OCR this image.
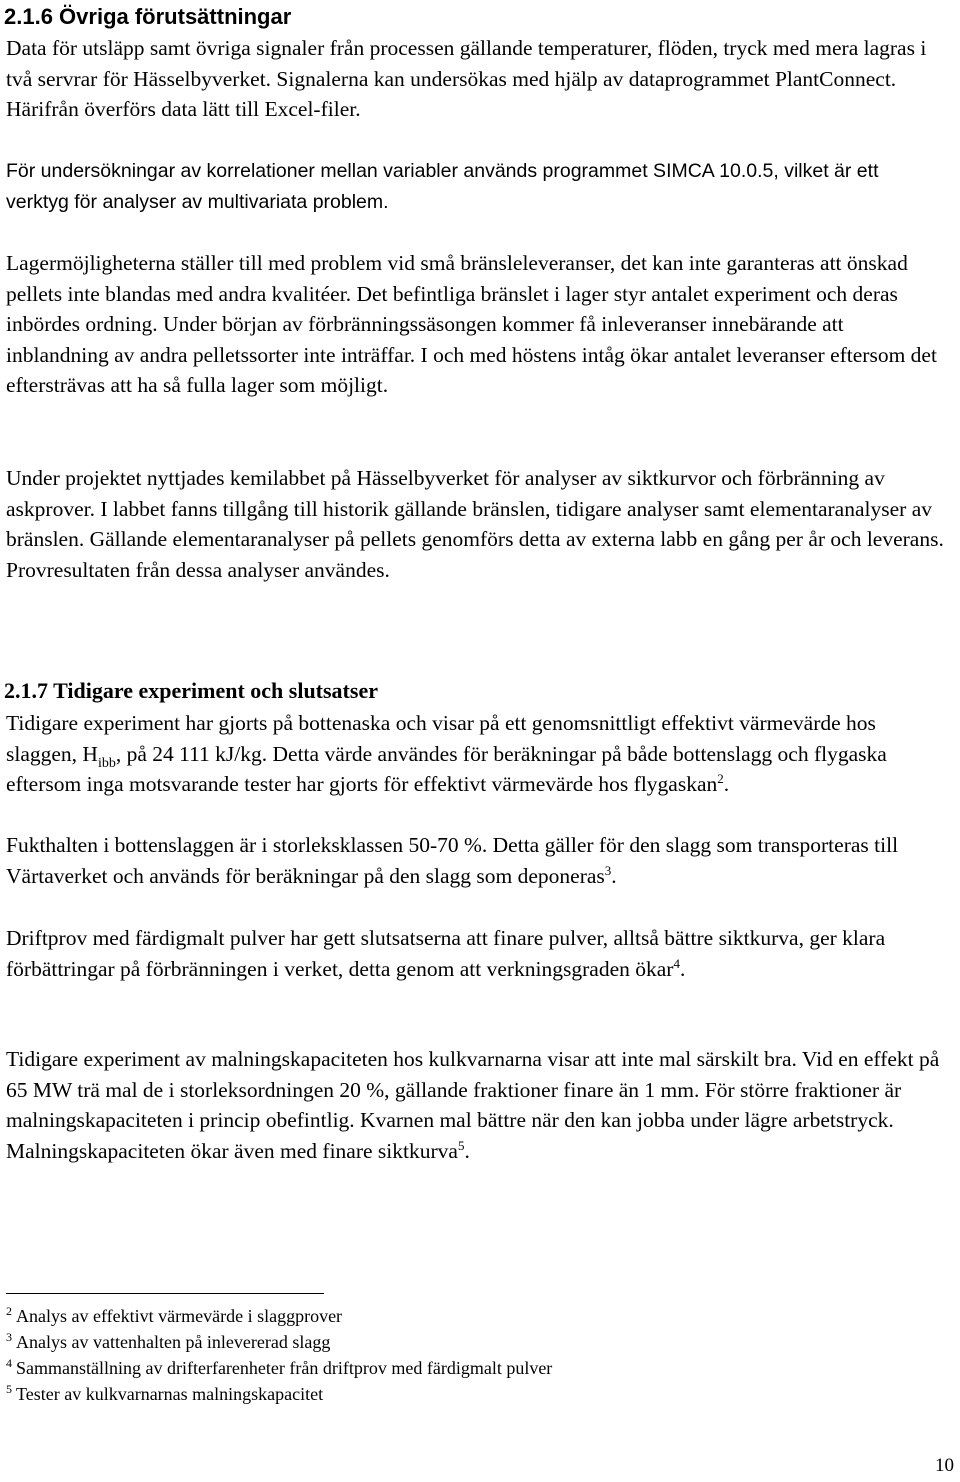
2.1.6 Övriga förutsättningar

Data för utsläpp samt övriga signaler från processen gällande temperaturer, flöden, tryck med mera lagras i två servrar för Hässelbyverket. Signalerna kan undersökas med hjälp av dataprogrammet PlantConnect. Härifrån överförs data lätt till Excel-filer.

För undersökningar av korrelationer mellan variabler används programmet SIMCA 10.0.5, vilket är ett verktyg för analyser av multivariata problem.

Lagermöjligheterna ställer till med problem vid små bränsleleveranser, det kan inte garanteras att önskad pellets inte blandas med andra kvalitéer. Det befintliga bränslet i lager styr antalet experiment och deras inbördes ordning. Under början av förbränningssäsongen kommer få inleveranser innebärande att inblandning av andra pelletssorter inte inträffar. I och med höstens intåg ökar antalet leveranser eftersom det eftersträvas att ha så fulla lager som möjligt.

Under projektet nyttjades kemilabbet på Hässelbyverket för analyser av siktkurvor och förbränning av askprover. I labbet fanns tillgång till historik gällande bränslen, tidigare analyser samt elementaranalyser av bränslen. Gällande elementaranalyser på pellets genomförs detta av externa labb en gång per år och leverans. Provresultaten från dessa analyser användes.

2.1.7 Tidigare experiment och slutsatser

Tidigare experiment har gjorts på bottenaska och visar på ett genomsnittligt effektivt värmevärde hos slaggen, $H_{ibb}$, på 24 111 kJ/kg. Detta värde användes för beräkningar på både bottenslagg och flygaska eftersom inga motsvarande tester har gjorts för effektivt värmevärde hos flygaskan$^2$.

Fukthalten i bottenslaggen är i storleksklassen 50-70 %. Detta gäller för den slagg som transporteras till Värtaverket och används för beräkningar på den slagg som deponeras$^3$.

Driftprov med färdigmalt pulver har gett slutsatserna att finare pulver, alltså bättre siktkurva, ger klara förbättringar på förbränningen i verket, detta genom att verkningsgraden ökar$^4$.

Tidigare experiment av malningskapaciteten hos kulkvarnarna visar att inte mal särskilt bra. Vid en effekt på 65 MW trä mal de i storleksordningen 20 %, gällande fraktioner finare än 1 mm. För större fraktioner är malningskapaciteten i princip obefintlig. Kvarnen mal bättre när den kan jobba under lägre arbetstryck. Malningskapaciteten ökar även med finare siktkurva$^5$.

$^2$ Analys av effektivt värmevärde i slaggprover
$^3$ Analys av vattenhalten på inlevererad slagg
$^4$ Sammanställning av drifterfarenheter från driftprov med färdigmalt pulver
$^5$ Tester av kulkvarnarnas malningskapacitet
10
